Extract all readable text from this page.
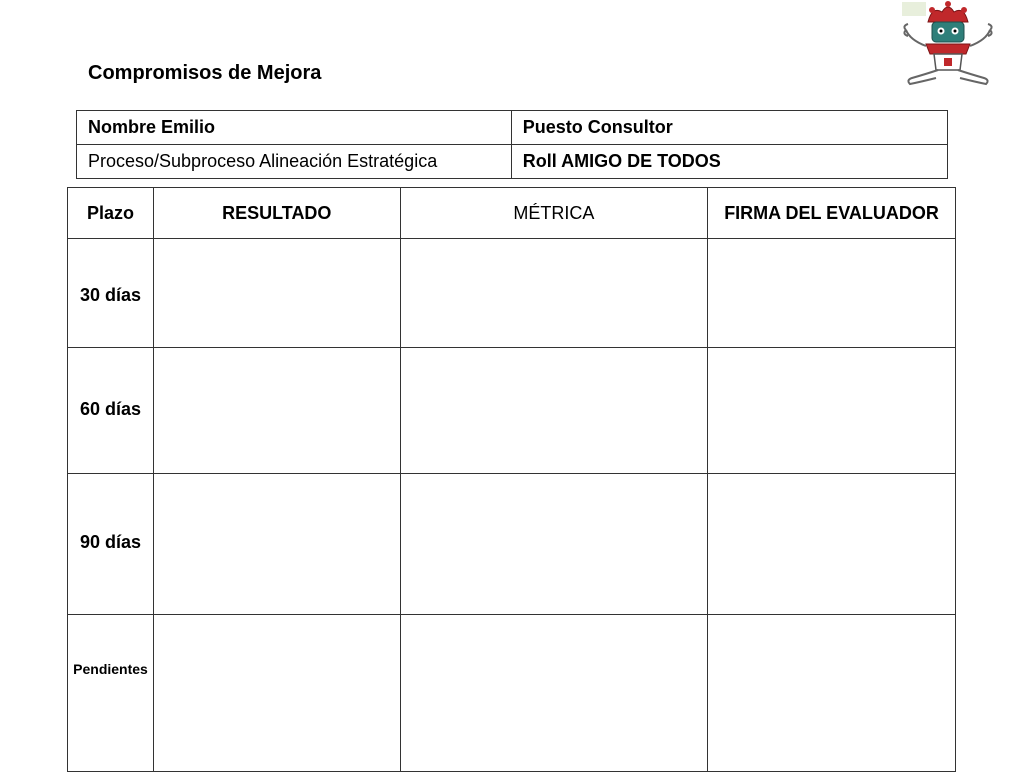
Compromisos de Mejora
Nombre Emilio	Puesto Consultor
Proceso/Subproceso Alineación Estratégica	Roll AMIGO DE TODOS
Plazo	RESULTADO	MÉTRICA	FIRMA DEL EVALUADOR
30 días			
60 días			
90 días			
Pendientes			
